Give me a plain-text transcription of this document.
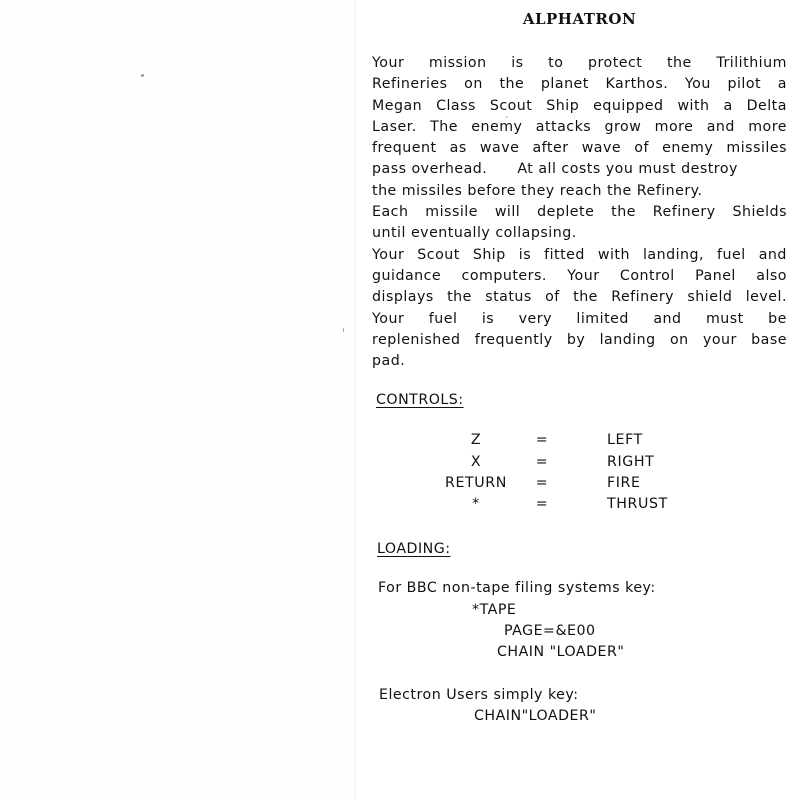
ALPHATRON
Your mission is to protect the Trilithium
Refineries on the planet Karthos. You pilot a
Megan Class Scout Ship equipped with a Delta
Laser. The enemy attacks grow more and more
frequent as wave after wave of enemy missiles
pass overhead. At all costs you must destroy
the missiles before they reach the Refinery.
Each missile will deplete the Refinery Shields
until eventually collapsing.
Your Scout Ship is fitted with landing, fuel and
guidance computers. Your Control Panel also
displays the status of the Refinery shield level.
Your fuel is very limited and must be
replenished frequently by landing on your base
pad.
CONTROLS:
Z	=	LEFT
X	=	RIGHT
RETURN	=	FIRE
*	=	THRUST
LOADING:
For BBC non-tape filing systems key:
*TAPE
PAGE=&E00
CHAIN "LOADER"
Electron Users simply key:
CHAIN"LOADER"
